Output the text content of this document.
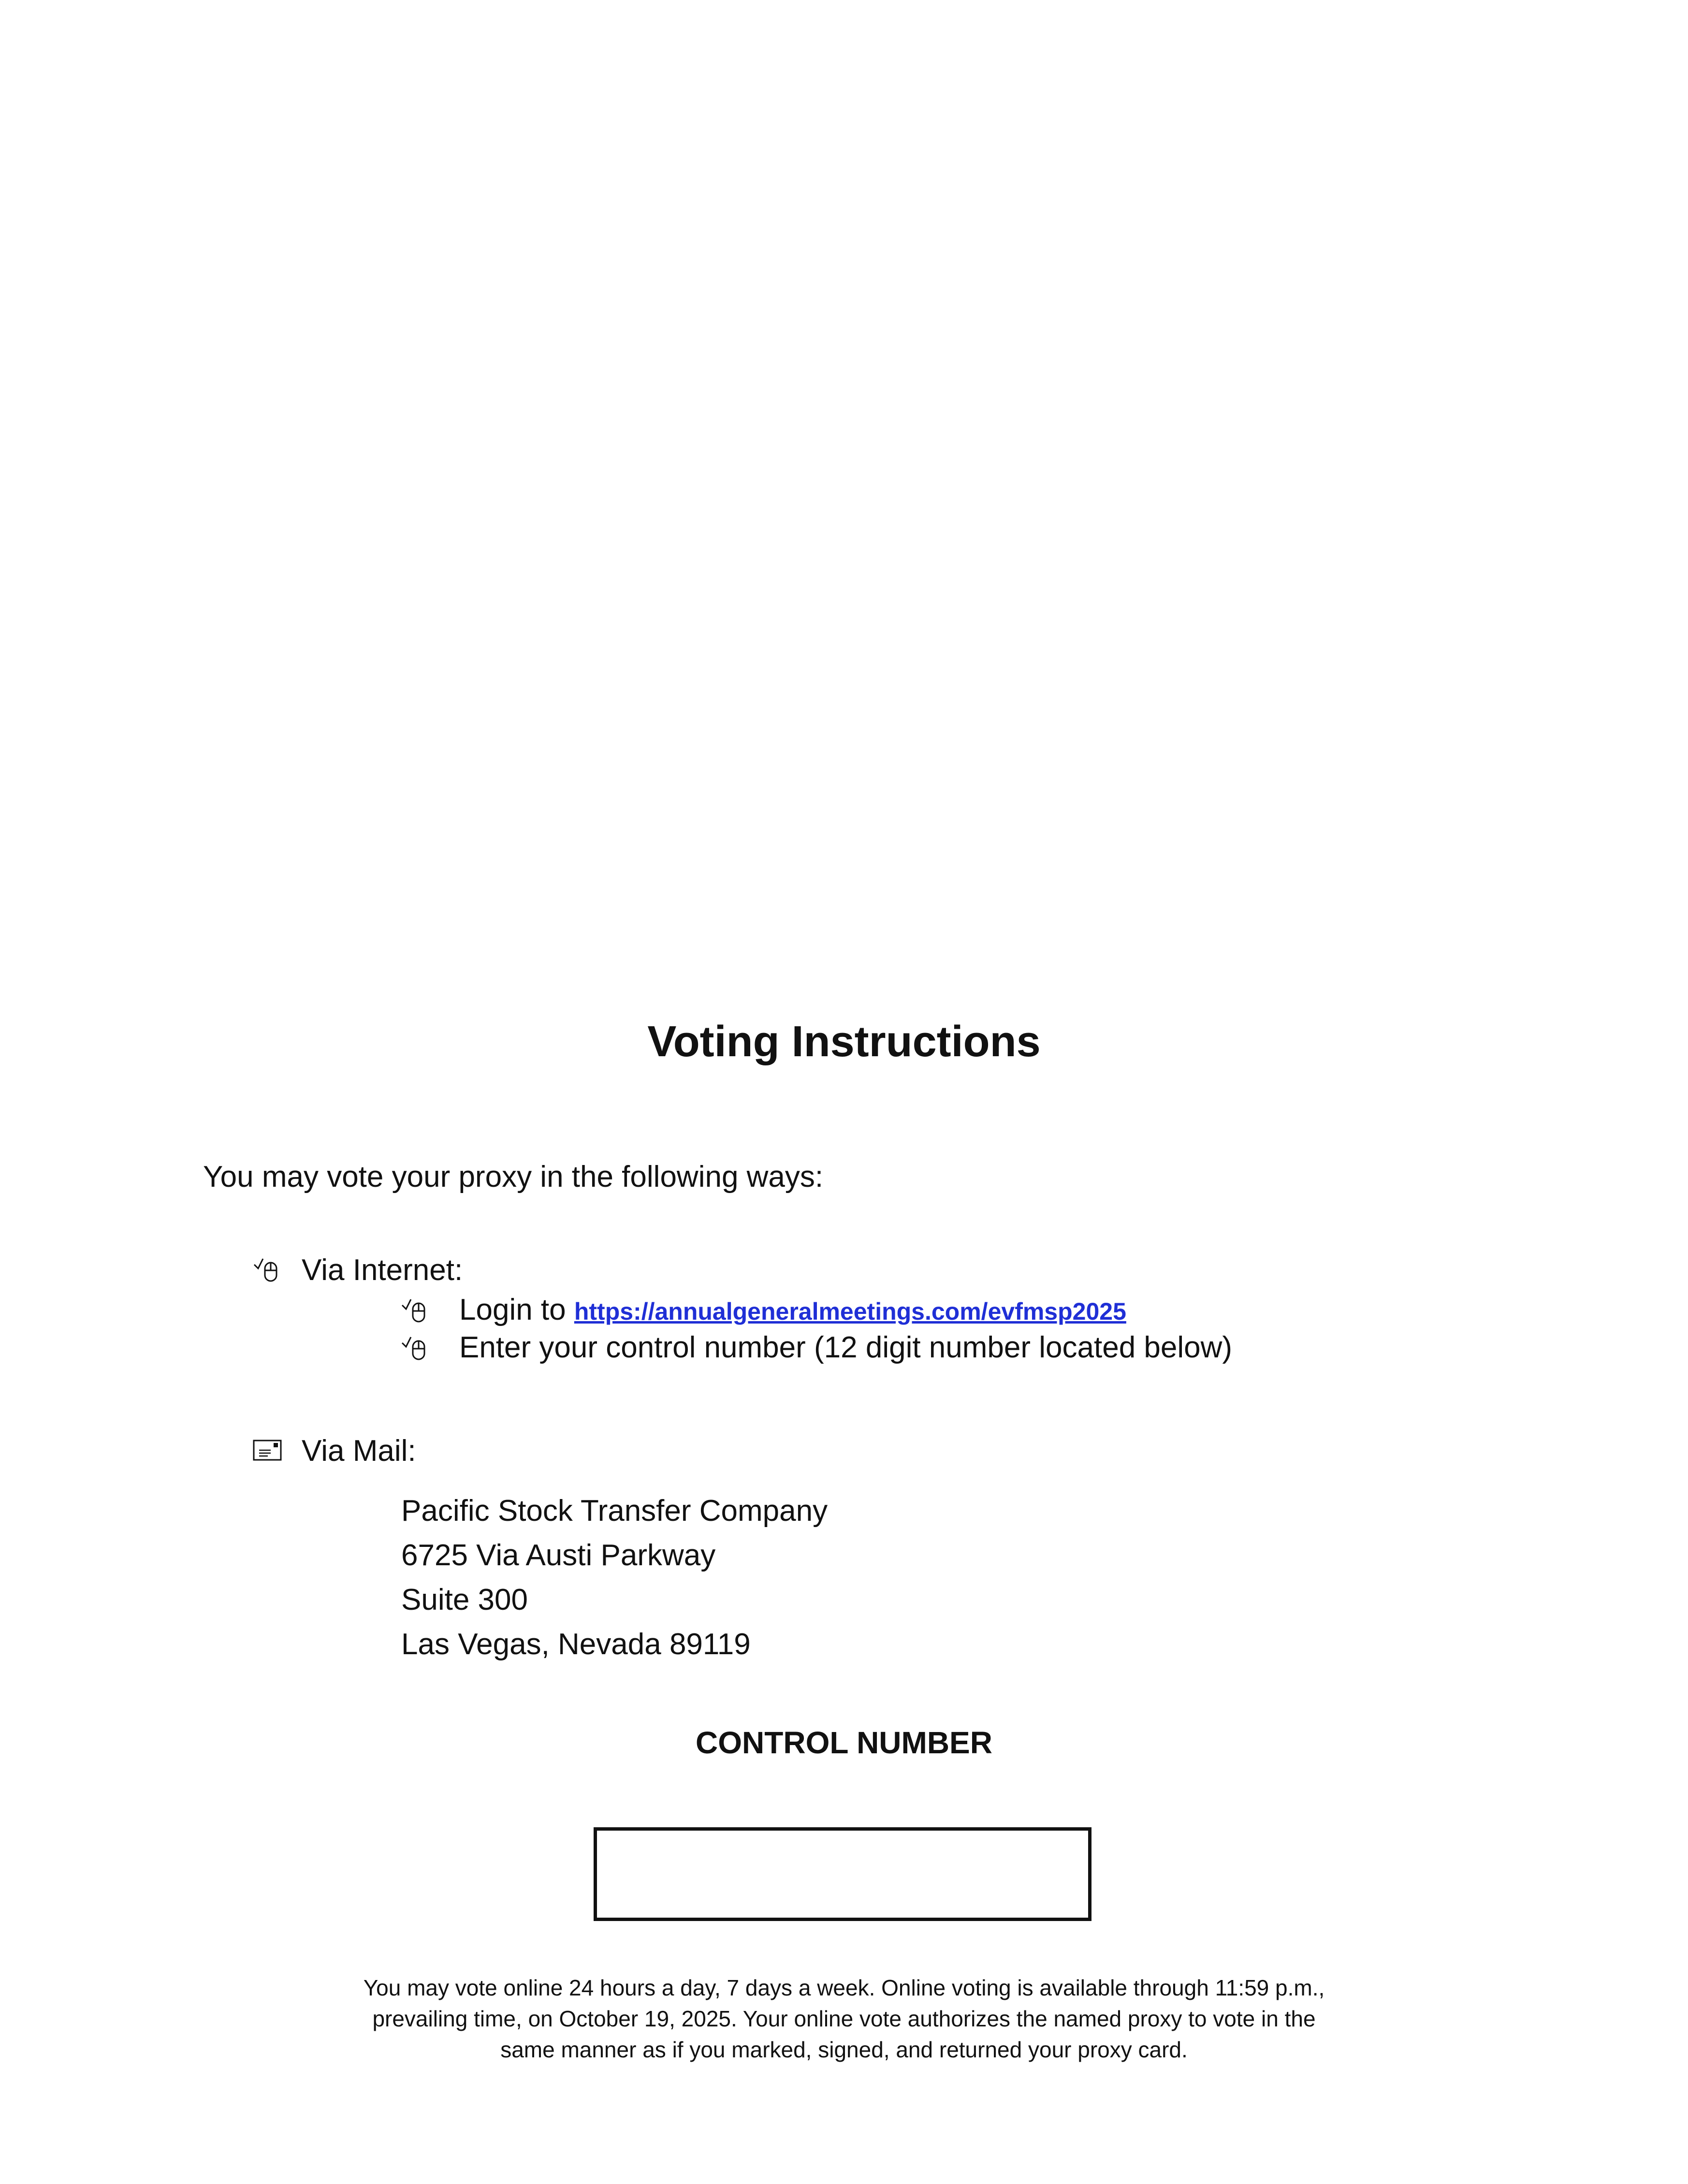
Voting Instructions
You may vote your proxy in the following ways:
Via Internet:
Login to https://annualgeneralmeetings.com/evfmsp2025
Enter your control number (12 digit number located below)
Via Mail:
Pacific Stock Transfer Company
6725 Via Austi Parkway
Suite 300
Las Vegas, Nevada 89119
CONTROL NUMBER
You may vote online 24 hours a day, 7 days a week. Online voting is available through 11:59 p.m.,
prevailing time, on October 19, 2025. Your online vote authorizes the named proxy to vote in the
same manner as if you marked, signed, and returned your proxy card.
